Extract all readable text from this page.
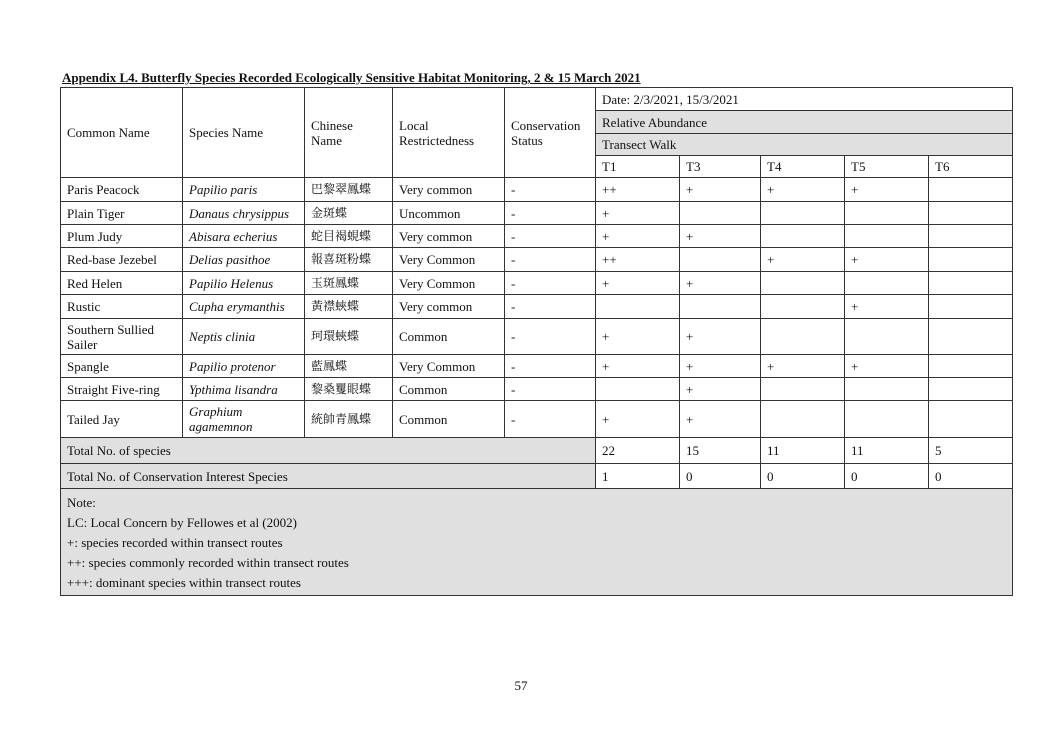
Appendix L4. Butterfly Species Recorded Ecologically Sensitive Habitat Monitoring, 2 & 15 March 2021
Common Name	Species Name	Chinese Name	Local Restrictedness	Conservation Status	Date: 2/3/2021, 15/3/2021				
					Relative Abundance				
					Transect Walk				
					T1	T3	T4	T5	T6
Paris Peacock	Papilio paris	巴黎翠鳳蝶	Very common	-	++	+	+	+	
Plain Tiger	Danaus chrysippus	金斑蝶	Uncommon	-	+				
Plum Judy	Abisara echerius	蛇目褐蜆蝶	Very common	-	+	+			
Red-base Jezebel	Delias pasithoe	報喜斑粉蝶	Very Common	-	++		+	+	
Red Helen	Papilio Helenus	玉斑鳳蝶	Very Common	-	+	+			
Rustic	Cupha erymanthis	黃襟蛺蝶	Very common	-				+	
Southern Sullied Sailer	Neptis clinia	珂環蛺蝶	Common	-	+	+			
Spangle	Papilio protenor	藍鳳蝶	Very Common	-	+	+	+	+	
Straight Five-ring	Ypthima lisandra	黎桑矍眼蝶	Common	-		+			
Tailed Jay	Graphium agamemnon	統帥青鳳蝶	Common	-	+	+			
Total No. of species					22	15	11	11	5
Total No. of Conservation Interest Species					1	0	0	0	0

Note:
LC: Local Concern by Fellowes et al (2002)
+: species recorded within transect routes
++: species commonly recorded within transect routes
+++: dominant species within transect routes									
57
